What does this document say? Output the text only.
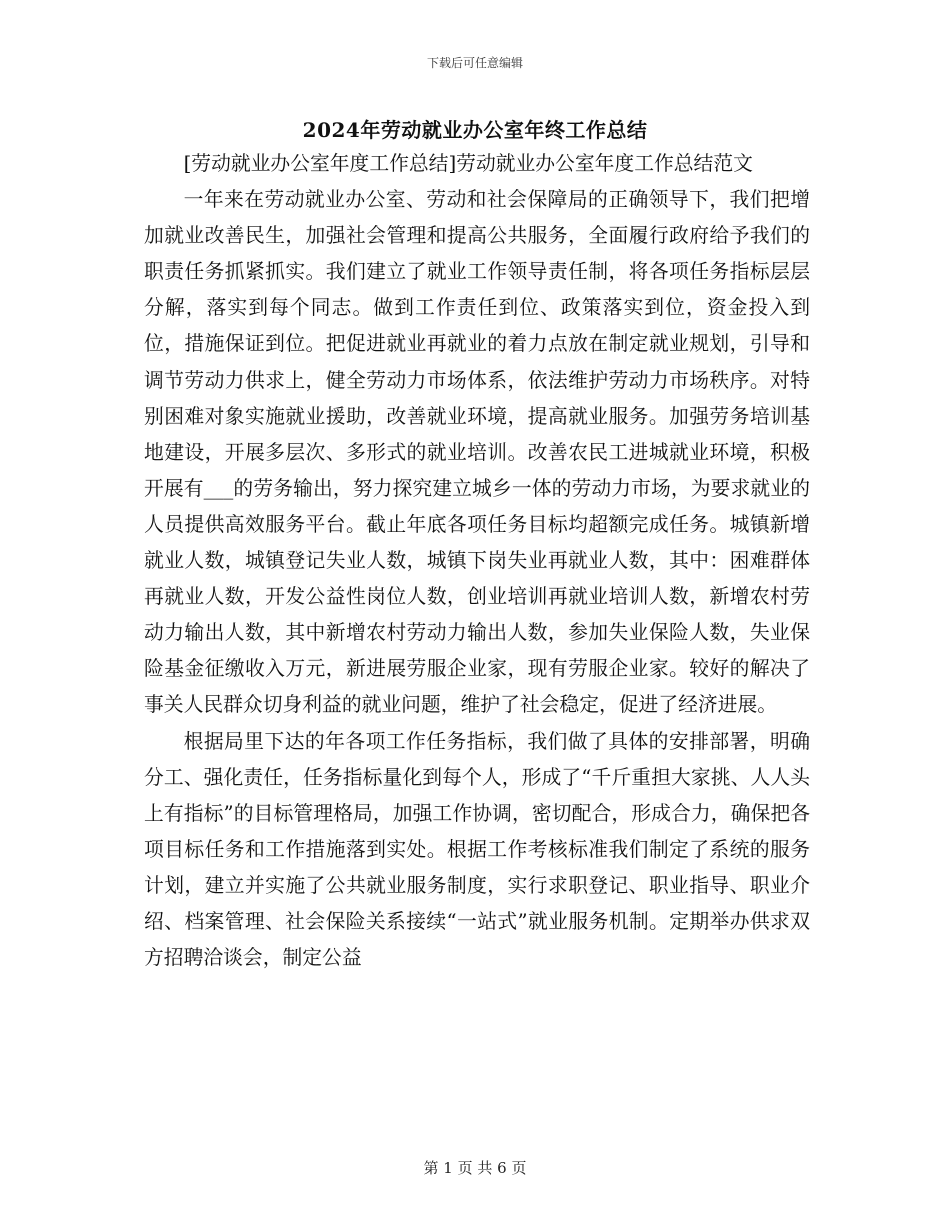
下载后可任意编辑
2024年劳动就业办公室年终工作总结

[劳动就业办公室年度工作总结]劳动就业办公室年度工作总结范文

一年来在劳动就业办公室、劳动和社会保障局的正确领导下，我们把增加就业改善民生，加强社会管理和提高公共服务，全面履行政府给予我们的职责任务抓紧抓实。我们建立了就业工作领导责任制，将各项任务指标层层分解，落实到每个同志。做到工作责任到位、政策落实到位，资金投入到位，措施保证到位。把促进就业再就业的着力点放在制定就业规划，引导和调节劳动力供求上，健全劳动力市场体系，依法维护劳动力市场秩序。对特别困难对象实施就业援助，改善就业环境，提高就业服务。加强劳务培训基地建设，开展多层次、多形式的就业培训。改善农民工进城就业环境，积极开展有___的劳务输出，努力探究建立城乡一体的劳动力市场，为要求就业的人员提供高效服务平台。截止年底各项任务目标均超额完成任务。城镇新增就业人数，城镇登记失业人数，城镇下岗失业再就业人数，其中：困难群体再就业人数，开发公益性岗位人数，创业培训再就业培训人数，新增农村劳动力输出人数，其中新增农村劳动力输出人数，参加失业保险人数，失业保险基金征缴收入万元，新进展劳服企业家，现有劳服企业家。较好的解决了事关人民群众切身利益的就业问题，维护了社会稳定，促进了经济进展。

根据局里下达的年各项工作任务指标，我们做了具体的安排部署，明确分工、强化责任，任务指标量化到每个人，形成了“千斤重担大家挑、人人头上有指标”的目标管理格局，加强工作协调，密切配合，形成合力，确保把各项目标任务和工作措施落到实处。根据工作考核标准我们制定了系统的服务计划，建立并实施了公共就业服务制度，实行求职登记、职业指导、职业介绍、档案管理、社会保险关系接续“一站式”就业服务机制。定期举办供求双方招聘洽谈会，制定公益

第 1 页 共 6 页
